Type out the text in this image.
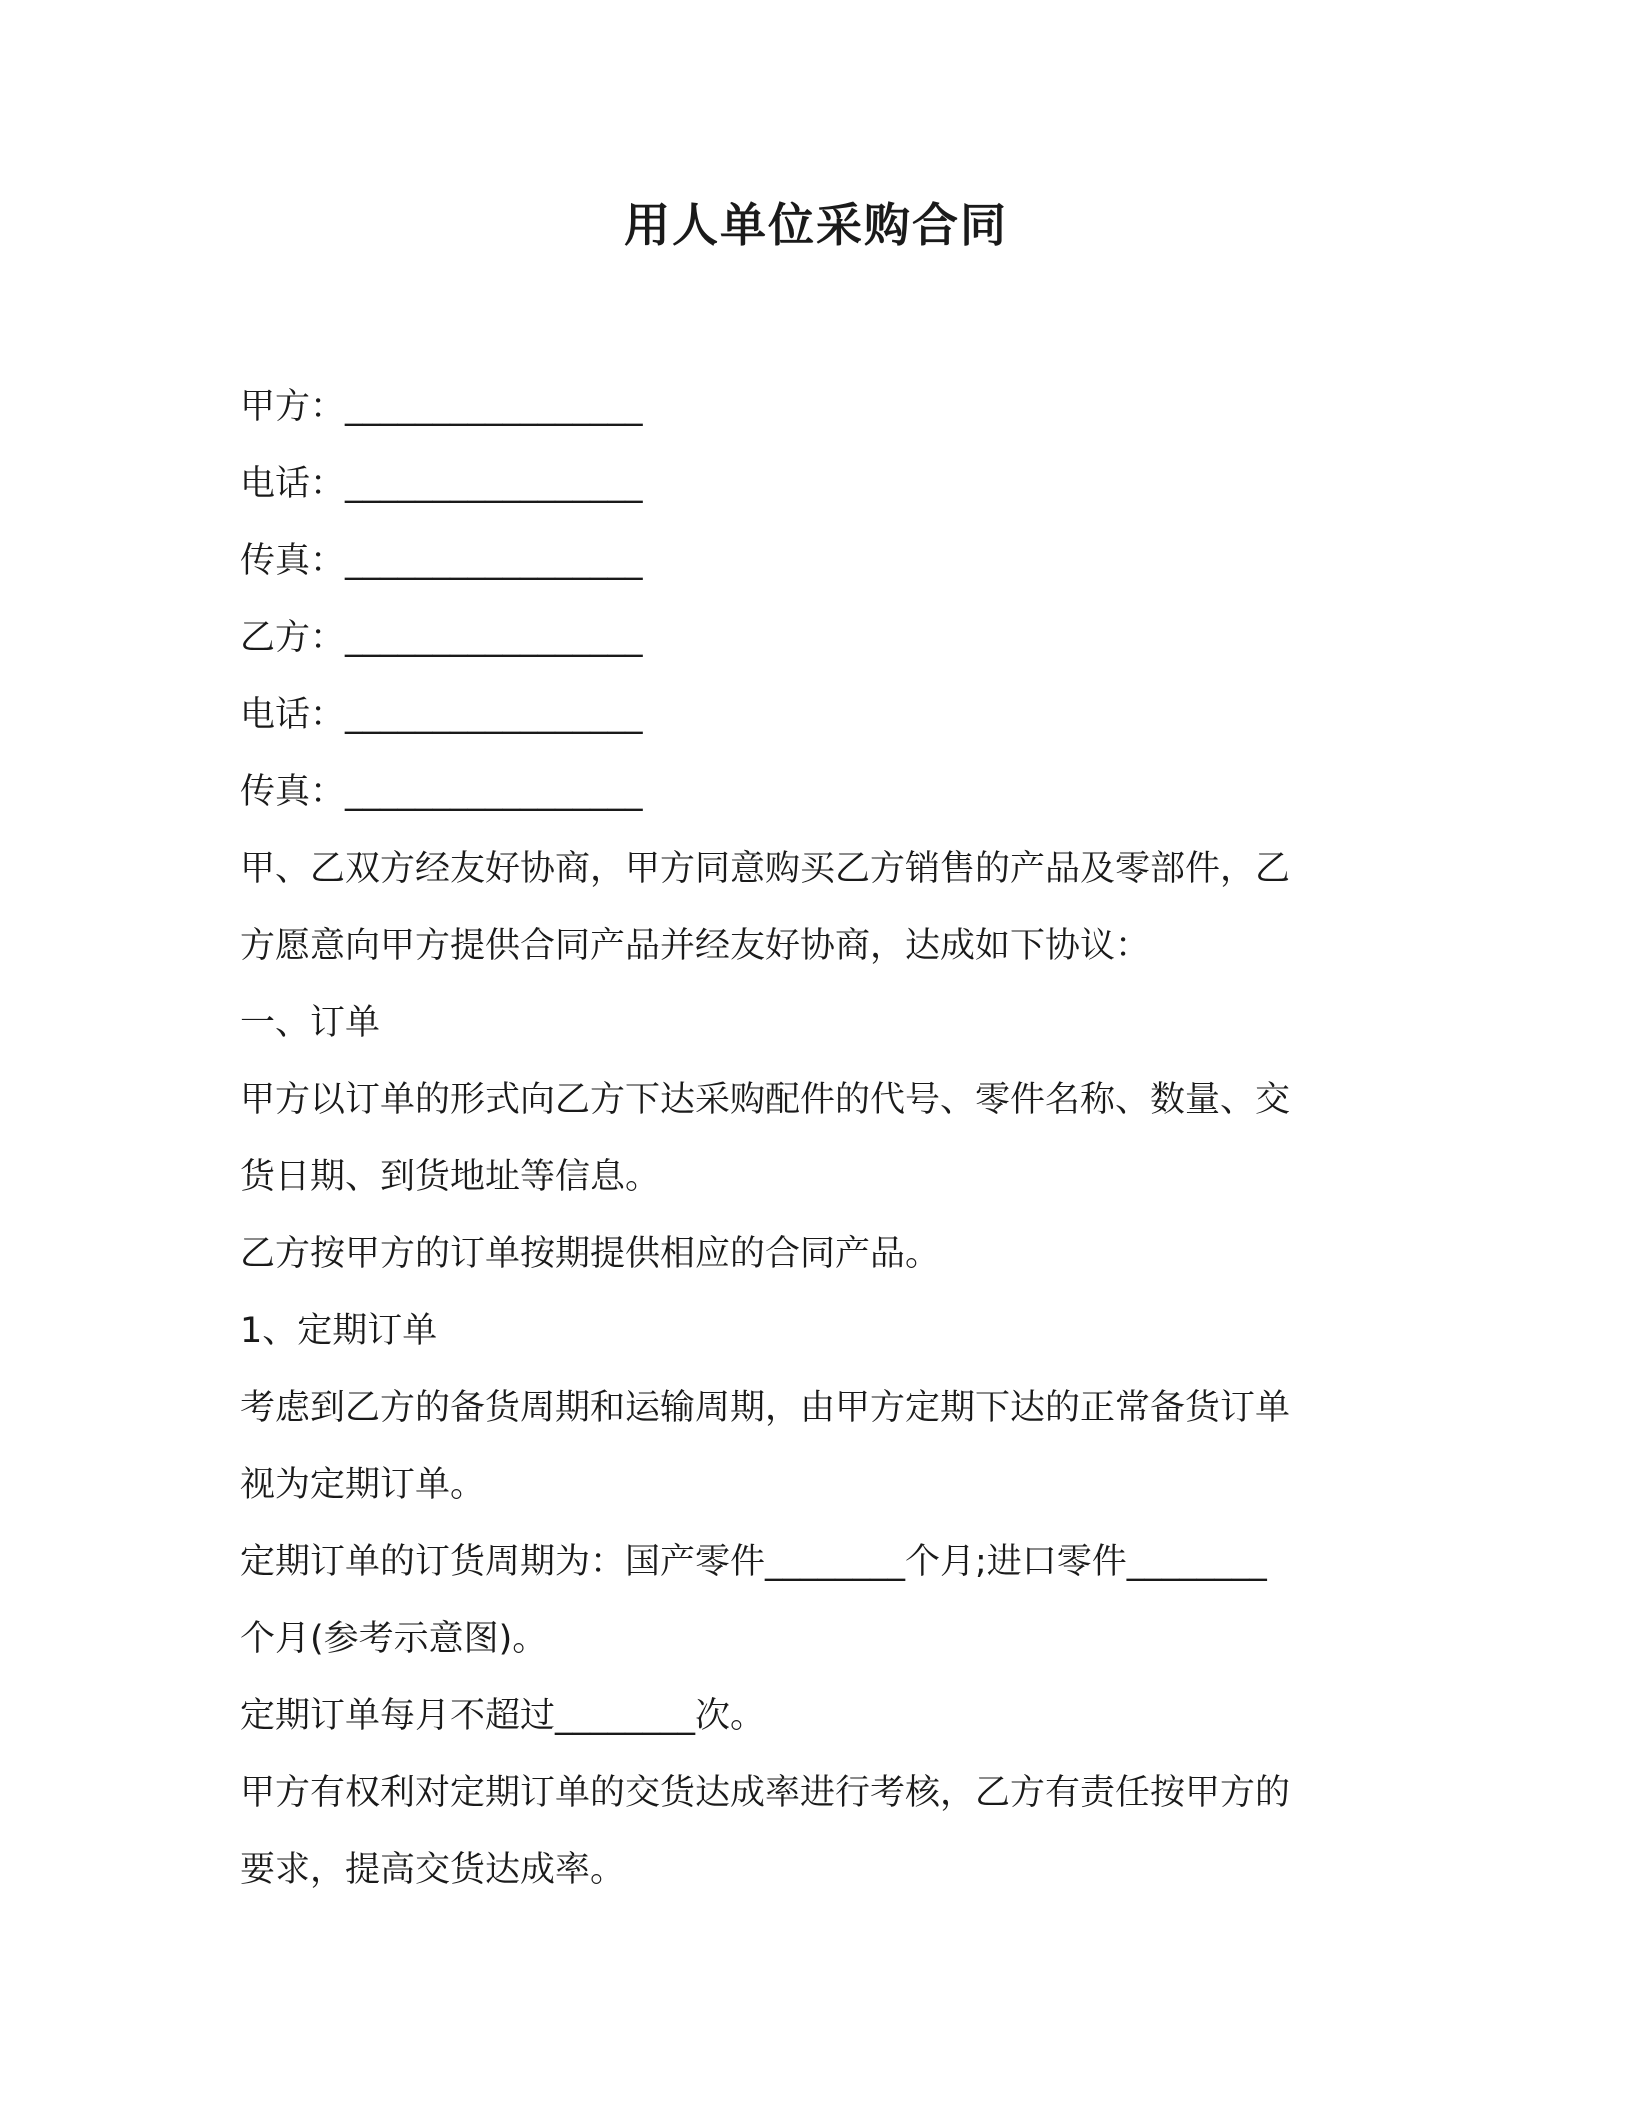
用人单位采购合同
甲方：_________________
电话：_________________
传真：_________________
乙方：_________________
电话：_________________
传真：_________________
甲、乙双方经友好协商，甲方同意购买乙方销售的产品及零部件，乙
方愿意向甲方提供合同产品并经友好协商，达成如下协议：
一、订单
甲方以订单的形式向乙方下达采购配件的代号、零件名称、数量、交
货日期、到货地址等信息。
乙方按甲方的订单按期提供相应的合同产品。
1、定期订单
考虑到乙方的备货周期和运输周期，由甲方定期下达的正常备货订单
视为定期订单。
定期订单的订货周期为：国产零件________个月;进口零件________
个月(参考示意图)。
定期订单每月不超过________次。
甲方有权利对定期订单的交货达成率进行考核，乙方有责任按甲方的
要求，提高交货达成率。
